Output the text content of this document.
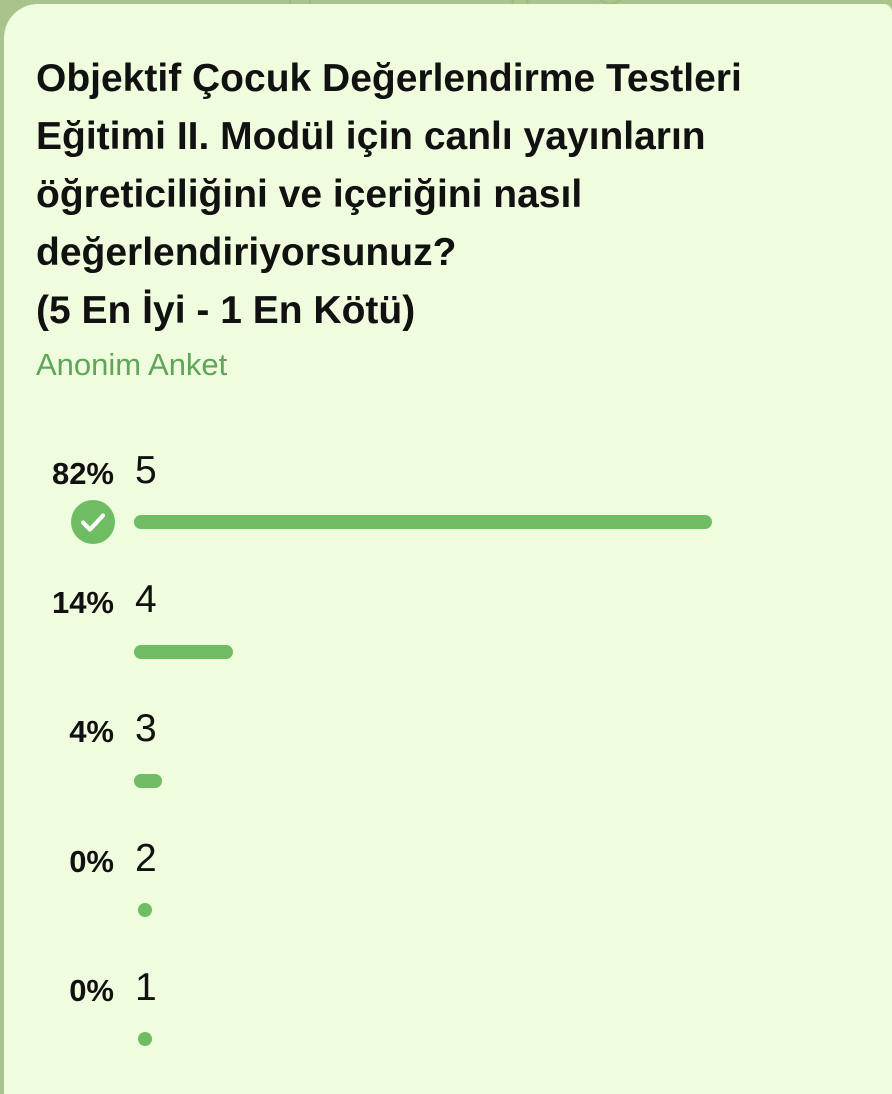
Objektif Çocuk Değerlendirme Testleri
Eğitimi II. Modül için canlı yayınların
öğreticiliğini ve içeriğini nasıl
değerlendiriyorsunuz?
(5 En İyi - 1 En Kötü)
Anonim Anket
82% 5
14% 4
4% 3
0% 2
0% 1
